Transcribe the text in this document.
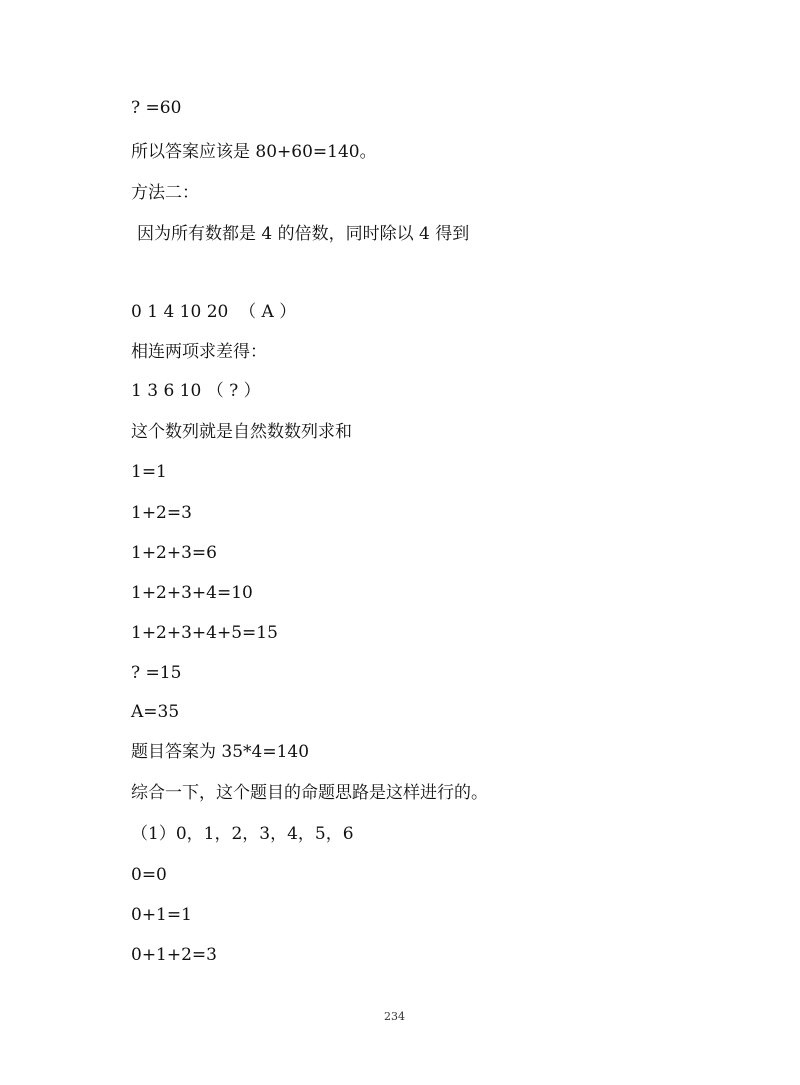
? =60
所以答案应该是 80+60=140。
方法二：
因为所有数都是 4 的倍数，同时除以 4 得到
0 1 4 10 20  （ A ）
相连两项求差得：
1 3 6 10 （ ? ）
这个数列就是自然数数列求和
1=1
1+2=3
1+2+3=6
1+2+3+4=10
1+2+3+4+5=15
? =15
A=35
题目答案为 35*4=140
综合一下，这个题目的命题思路是这样进行的。
（1）0，1，2，3，4，5，6
0=0
0+1=1
0+1+2=3
234
